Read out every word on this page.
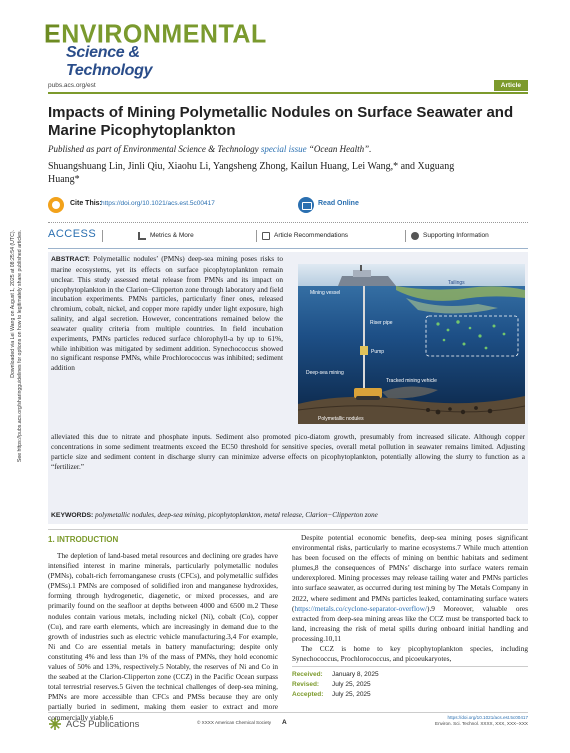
See https://pubs.acs.org/sharingguidelines for options on how to legitimately share published articles.
Downloaded via Lei Wang on August 1, 2025 at 08:25:54 (UTC).
ENVIRONMENTAL
Science & Technology
pubs.acs.org/est	Article
Impacts of Mining Polymetallic Nodules on Surface Seawater and Marine Picophytoplankton
Published as part of Environmental Science & Technology special issue “Ocean Health”.
Shuangshuang Lin, Jinli Qiu, Xiaohu Li, Yangsheng Zhong, Kailun Huang, Lei Wang,* and Xuguang Huang*
Cite This: https://doi.org/10.1021/acs.est.5c00417	Read Online
ACCESS	Metrics & More	Article Recommendations	Supporting Information

ABSTRACT: Polymetallic nodules’ (PMNs) deep-sea mining poses risks to marine ecosystems, yet its effects on surface picophytoplankton remain unclear. This study assessed metal release from PMNs and its impact on picophytoplankton in the Clarion−Clipperton zone through laboratory and field incubation experiments. PMNs particles, particularly finer ones, released chromium, cobalt, nickel, and copper more rapidly under light exposure, high salinity, and algal secretion. However, concentrations remained below the seawater quality criteria from multiple countries. In field incubation experiments, PMNs particles reduced surface chlorophyll-a by up to 61%, while inhibition was mitigated by sediment addition. Synechococcus showed no significant response PMNs, while Prochlorococcus was inhibited; sediment addition

Mining vessel
Tailings
Riser pipe
Pump
Deep-sea mining
Tracked mining vehicle
Polymetallic nodules

alleviated this due to nitrate and phosphate inputs. Sediment also promoted pico-diatom growth, presumably from increased silicate. Although copper concentrations in some sediment treatments exceed the EC50 threshold for sensitive species, overall metal pollution in seawater remains limited. Adjusting particle size and sediment content in discharge slurry can minimize adverse effects on picophytoplankton, potentially allowing the slurry to function as a “fertilizer.”

KEYWORDS: polymetallic nodules, deep-sea mining, picophytoplankton, metal release, Clarion−Clipperton zone

1. INTRODUCTION

The depletion of land-based metal resources and declining ore grades have intensified interest in marine minerals, particularly polymetallic nodules (PMNs), cobalt-rich ferromanganese crusts (CFCs), and polymetallic sulfides (PMSs).1 PMNs are composed of solidified iron and manganese hydroxides, forming through hydrogenetic, diagenetic, or mixed processes, and are primarily found on the seafloor at depths between 4000 and 6500 m.2 These nodules contain various metals, including nickel (Ni), cobalt (Co), copper (Cu), and rare earth elements, which are increasingly in demand due to the growth of industries such as electric vehicle manufacturing.3,4 For example, Ni and Co are essential metals in battery manufacturing; despite only constituting 4% and less than 1% of the mass of PMNs, they hold economic values of 50% and 13%, respectively.5 Notably, the reserves of Ni and Co in the seabed at the Clarion-Clipperton zone (CCZ) in the Pacific Ocean surpass total terrestrial reserves.5 Given the technical challenges of deep-sea mining, PMNs are more accessible than CFCs and PMSs because they are only partially buried in sediment, making them easier to extract and more commercially viable.6

Despite potential economic benefits, deep-sea mining poses significant environmental risks, particularly to marine ecosystems.7 While much attention has been focused on the effects of mining on benthic habitats and sediment plumes,8 the consequences of PMNs’ discharge into surface waters remain underexplored. Mining processes may release tailing water and PMNs particles into surface seawater, as occurred during test mining by The Metals Company in 2022, where sediment and PMNs particles leaked, contaminating surface waters (https://metals.co/cyclone-separator-overflow/).9 Moreover, valuable ores extracted from deep-sea mining areas like the CCZ must be transported back to land, increasing the risk of metal spills during onboard initial handling and processing.10,11

The CCZ is home to key picophytoplankton species, including Synechococcus, Prochlorococcus, and picoeukaryotes,

Received: January 8, 2025
Revised: July 25, 2025
Accepted: July 25, 2025
ACS Publications	© XXXX American Chemical Society A
https://doi.org/10.1021/acs.est.5c00417
Environ. Sci. Technol. XXXX, XXX, XXX−XXX
